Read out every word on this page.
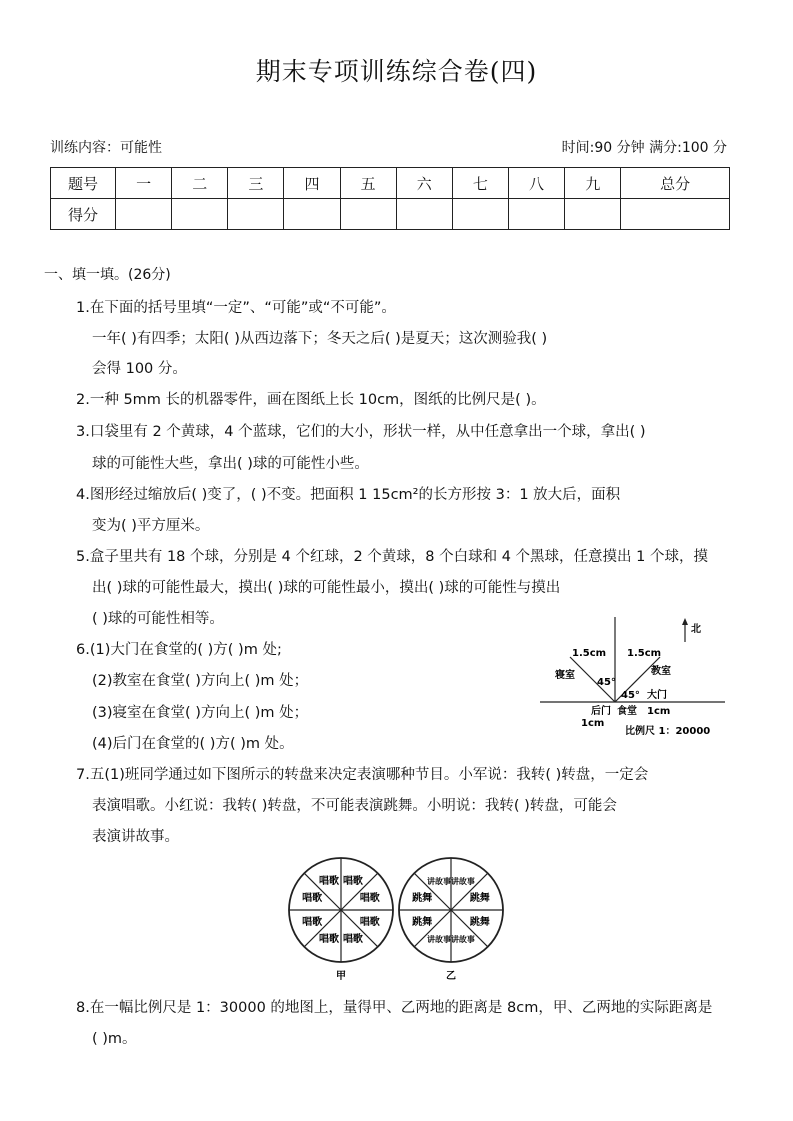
期末专项训练综合卷(四)
训练内容：可能性	时间:90 分钟 满分:100 分
题号	一	二	三	四	五	六	七	八	九	总分
得分										
一、填一填。(26分)
1.在下面的括号里填“一定”、“可能”或“不可能”。
一年( )有四季；太阳( )从西边落下；冬天之后( )是夏天；这次测验我( )
会得 100 分。
2.一种 5mm 长的机器零件，画在图纸上长 10cm，图纸的比例尺是( )。
3.口袋里有 2 个黄球，4 个蓝球，它们的大小，形状一样，从中任意拿出一个球，拿出( )
球的可能性大些，拿出( )球的可能性小些。
4.图形经过缩放后( )变了，( )不变。把面积 1 15cm²的长方形按 3：1 放大后，面积
变为( )平方厘米。
5.盒子里共有 18 个球，分别是 4 个红球，2 个黄球，8 个白球和 4 个黑球，任意摸出 1 个球，摸
出( )球的可能性最大，摸出( )球的可能性最小，摸出( )球的可能性与摸出
( )球的可能性相等。
6.(1)大门在食堂的( )方( )m 处;
(2)教室在食堂( )方向上( )m 处；
(3)寝室在食堂( )方向上( )m 处；
(4)后门在食堂的( )方( )m 处。
7.五(1)班同学通过如下图所示的转盘来决定表演哪种节目。小军说：我转( )转盘，一定会
表演唱歌。小红说：我转( )转盘，不可能表演跳舞。小明说：我转( )转盘，可能会
表演讲故事。
8.在一幅比例尺是 1：30000 的地图上，量得甲、乙两地的距离是 8cm，甲、乙两地的实际距离是
( )m。
北
1.5cm 1.5cm
寝室	教室
45°
45° 大门
后门
1cm
食堂 1cm
比例尺 1：20000
唱歌
唱歌
唱歌
唱歌
唱歌
唱歌
唱歌
唱歌	讲故事
跳舞
跳舞
讲故事
讲故事
跳舞
跳舞
讲故事
甲	乙
